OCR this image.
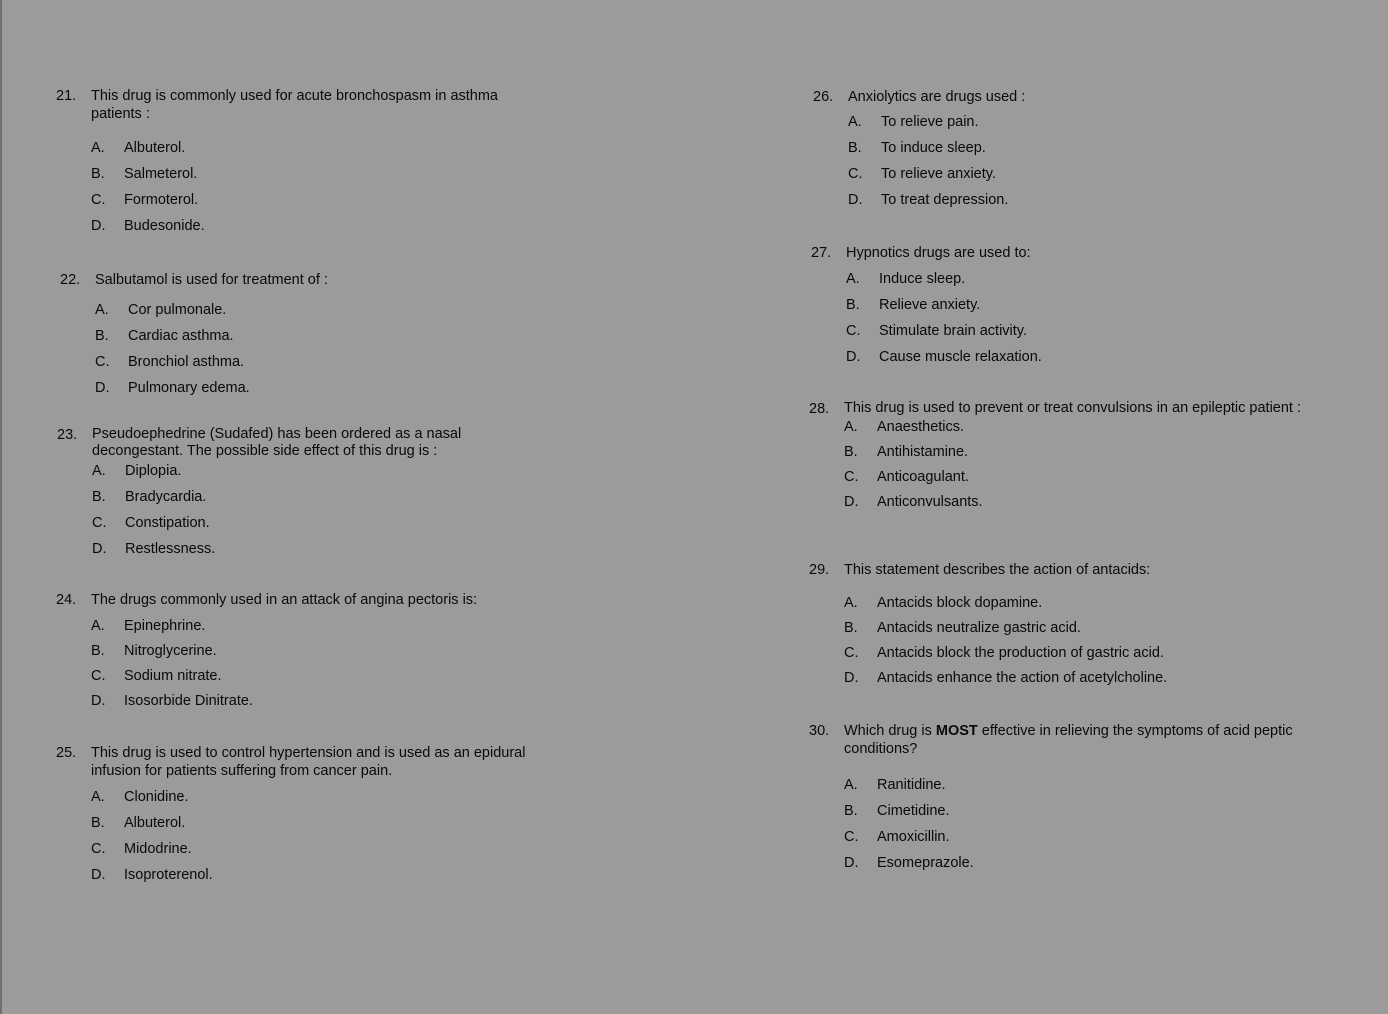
21.	This drug is commonly used for acute bronchospasm in asthma patients :
A.	Albuterol.
B.	Salmeterol.
C.	Formoterol.
D.	Budesonide.
22.	Salbutamol is used for treatment of :
A.	Cor pulmonale.
B.	Cardiac asthma.
C.	Bronchiol asthma.
D.	Pulmonary edema.
23.	Pseudoephedrine (Sudafed) has been ordered as a nasal decongestant. The possible side effect of this drug is :
A.	Diplopia.
B.	Bradycardia.
C.	Constipation.
D.	Restlessness.
24.	The drugs commonly used in an attack of angina pectoris is:
A.	Epinephrine.
B.	Nitroglycerine.
C.	Sodium nitrate.
D.	Isosorbide Dinitrate.
25.	This drug is used to control hypertension and is used as an epidural infusion for patients suffering from cancer pain.
A.	Clonidine.
B.	Albuterol.
C.	Midodrine.
D.	Isoproterenol.
26.	Anxiolytics are drugs used :
A.	To relieve pain.
B.	To induce sleep.
C.	To relieve anxiety.
D.	To treat depression.
27.	Hypnotics drugs are used to:
A.	Induce sleep.
B.	Relieve anxiety.
C.	Stimulate brain activity.
D.	Cause muscle relaxation.
28.	This drug is used to prevent or treat convulsions in an epileptic patient :
A.	Anaesthetics.
B.	Antihistamine.
C.	Anticoagulant.
D.	Anticonvulsants.
29.	This statement describes the action of antacids:
A.	Antacids block dopamine.
B.	Antacids neutralize gastric acid.
C.	Antacids block the production of gastric acid.
D.	Antacids enhance the action of acetylcholine.
30.	Which drug is MOST effective in relieving the symptoms of acid peptic conditions?
A.	Ranitidine.
B.	Cimetidine.
C.	Amoxicillin.
D.	Esomeprazole.
